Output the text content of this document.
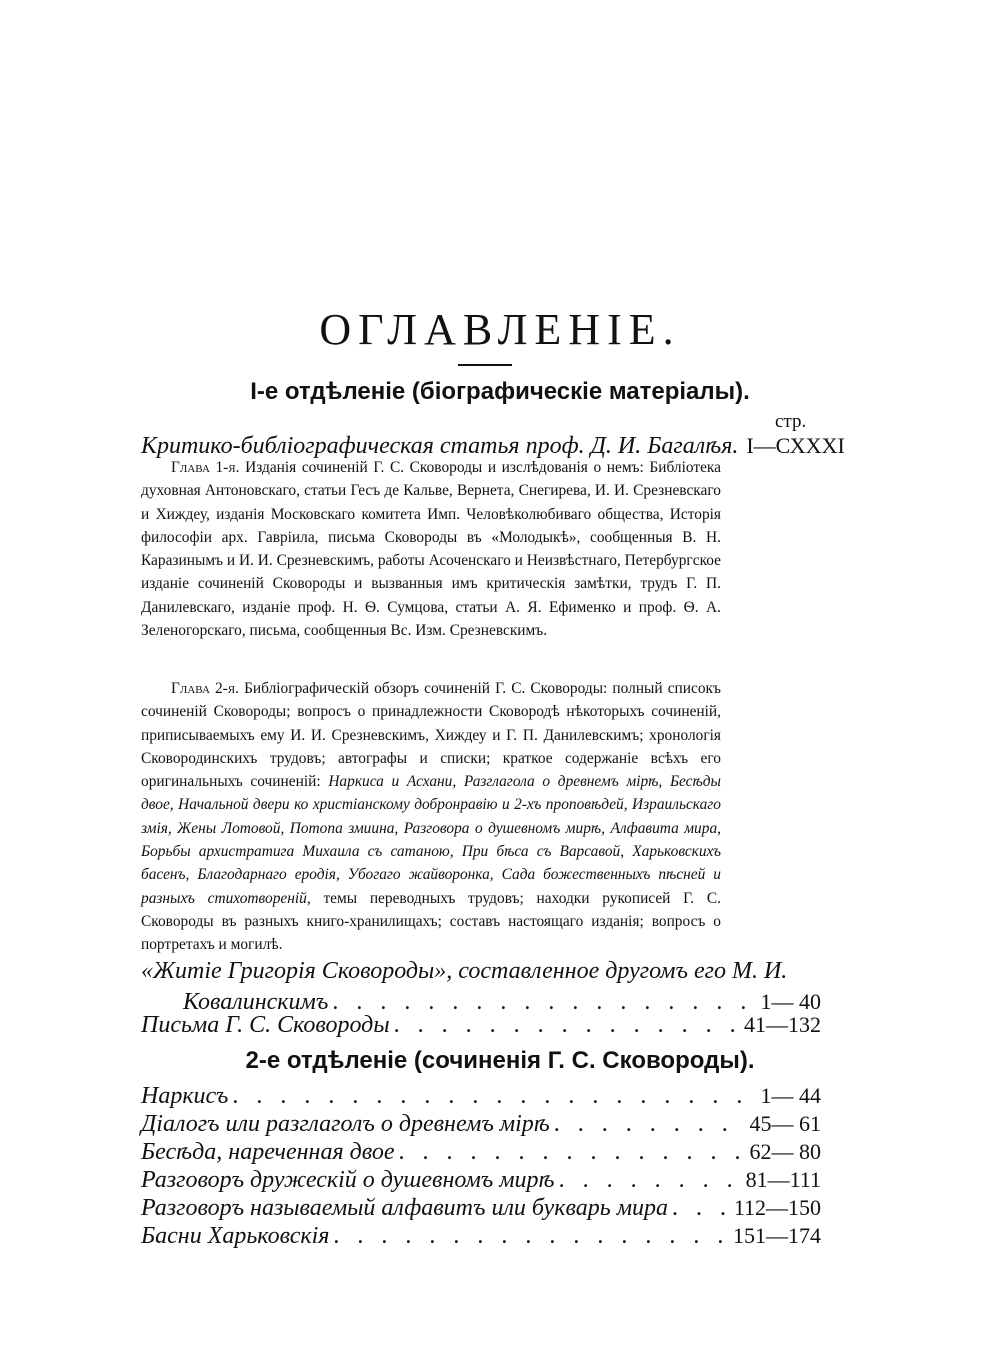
ОГЛАВЛЕНІЕ.
І-е отдѣленіе (біографическіе матеріалы).
стр.
Критико-библіографическая статья проф. Д. И. Багалѣя. І—СХХХІ
Глава 1-я. Изданія сочиненій Г. С. Сковороды и изслѣдованія о немъ: Библіотека духовная Антоновскаго, статьи Гесъ де Кальве, Вернета, Снегирева, И. И. Срезневскаго и Хиждеу, изданія Московскаго комитета Имп. Человѣколюбиваго общества, Исторія философіи арх. Гавріила, письма Сковороды въ «Молодыкѣ», сообщенныя В. Н. Каразинымъ и И. И. Срезневскимъ, работы Асоченскаго и Неизвѣстнаго, Петербургское изданіе сочиненій Сковороды и вызванныя имъ критическія замѣтки, трудъ Г. П. Данилевскаго, изданіе проф. Н. Ѳ. Сумцова, статьи А. Я. Ефименко и проф. Ѳ. А. Зеленогорскаго, письма, сообщенныя Вс. Изм. Срезневскимъ.
Глава 2-я. Библіографическій обзоръ сочиненій Г. С. Сковороды: полный списокъ сочиненій Сковороды; вопросъ о принадлежности Сковородѣ нѣкоторыхъ сочиненій, приписываемыхъ ему И. И. Срезневскимъ, Хиждеу и Г. П. Данилевскимъ; хронологія Сковородинскихъ трудовъ; автографы и списки; краткое содержаніе всѣхъ его оригинальныхъ сочиненій: Наркиса и Асхани, Разглагола о древнемъ мірѣ, Бесѣды двое, Начальной двери ко христіанскому добронравію и 2-хъ проповѣдей, Израильскаго змія, Жены Лотовой, Потопа змиина, Разговора о душевномъ мирѣ, Алфавита мира, Борьбы архистратига Михаила съ сатаною, При бѣса съ Варсавой, Харьковскихъ басенъ, Благодарнаго еродія, Убогаго жайворонка, Сада божественныхъ пѣсней и разныхъ стихотвореній, темы переводныхъ трудовъ; находки рукописей Г. С. Сковороды въ разныхъ книго-хранилищахъ; составъ настоящаго изданія; вопросъ о портретахъ и могилѣ.
«Житіе Григорія Сковороды», составленное другомъ его М. И.
Ковалинскимъ . . .	1— 40
Письма Г. С. Сковороды . . .	41—132
2-е отдѣленіе (сочиненія Г. С. Сковороды).
Наркисъ . . .	1— 44
Діалогъ или разглаголъ о древнемъ мірѣ . . .	45— 61
Бесѣда, нареченная двое . . .	62— 80
Разговоръ дружескій о душевномъ мирѣ . . .	81—111
Разговоръ называемый алфавитъ или букварь мира . . .	112—150
Басни Харьковскія . . .	151—174
